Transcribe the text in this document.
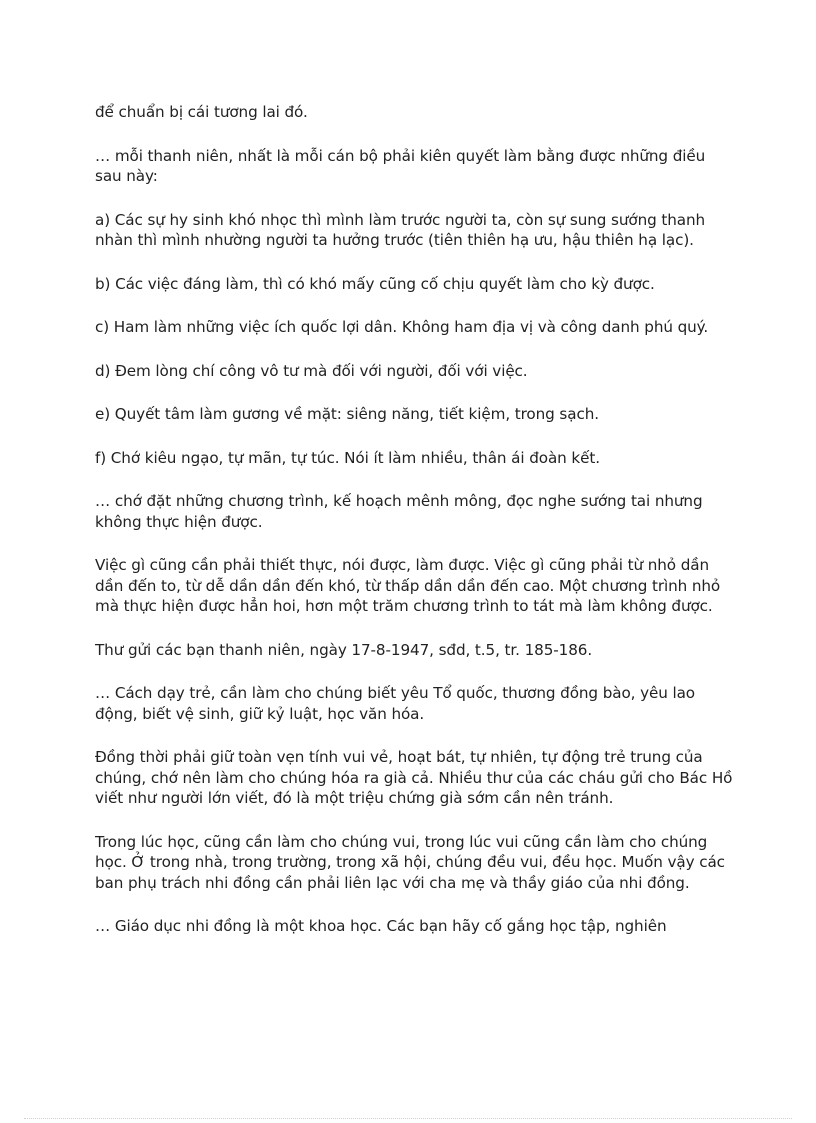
để chuẩn bị cái tương lai đó.

… mỗi thanh niên, nhất là mỗi cán bộ phải kiên quyết làm bằng được những điều sau này:

a) Các sự hy sinh khó nhọc thì mình làm trước người ta, còn sự sung sướng thanh nhàn thì mình nhường người ta hưởng trước (tiên thiên hạ ưu, hậu thiên hạ lạc).

b) Các việc đáng làm, thì có khó mấy cũng cố chịu quyết làm cho kỳ được.

c) Ham làm những việc ích quốc lợi dân. Không ham địa vị và công danh phú quý.

d) Đem lòng chí công vô tư mà đối với người, đối với việc.

e) Quyết tâm làm gương về mặt: siêng năng, tiết kiệm, trong sạch.

f) Chớ kiêu ngạo, tự mãn, tự túc. Nói ít làm nhiều, thân ái đoàn kết.

… chớ đặt những chương trình, kế hoạch mênh mông, đọc nghe sướng tai nhưng không thực hiện được.

Việc gì cũng cần phải thiết thực, nói được, làm được. Việc gì cũng phải từ nhỏ dần dần đến to, từ dễ dần dần đến khó, từ thấp dần dần đến cao. Một chương trình nhỏ mà thực hiện được hẳn hoi, hơn một trăm chương trình to tát mà làm không được.

Thư gửi các bạn thanh niên, ngày 17-8-1947, sđd, t.5, tr. 185-186.

… Cách dạy trẻ, cần làm cho chúng biết yêu Tổ quốc, thương đồng bào, yêu lao động, biết vệ sinh, giữ kỷ luật, học văn hóa.

Đồng thời phải giữ toàn vẹn tính vui vẻ, hoạt bát, tự nhiên, tự động trẻ trung của chúng, chớ nên làm cho chúng hóa ra già cả. Nhiều thư của các cháu gửi cho Bác Hồ viết như người lớn viết, đó là một triệu chứng già sớm cần nên tránh.

Trong lúc học, cũng cần làm cho chúng vui, trong lúc vui cũng cần làm cho chúng học. Ở trong nhà, trong trường, trong xã hội, chúng đều vui, đều học. Muốn vậy các ban phụ trách nhi đồng cần phải liên lạc với cha mẹ và thầy giáo của nhi đồng.

… Giáo dục nhi đồng là một khoa học. Các bạn hãy cố gắng học tập, nghiên
